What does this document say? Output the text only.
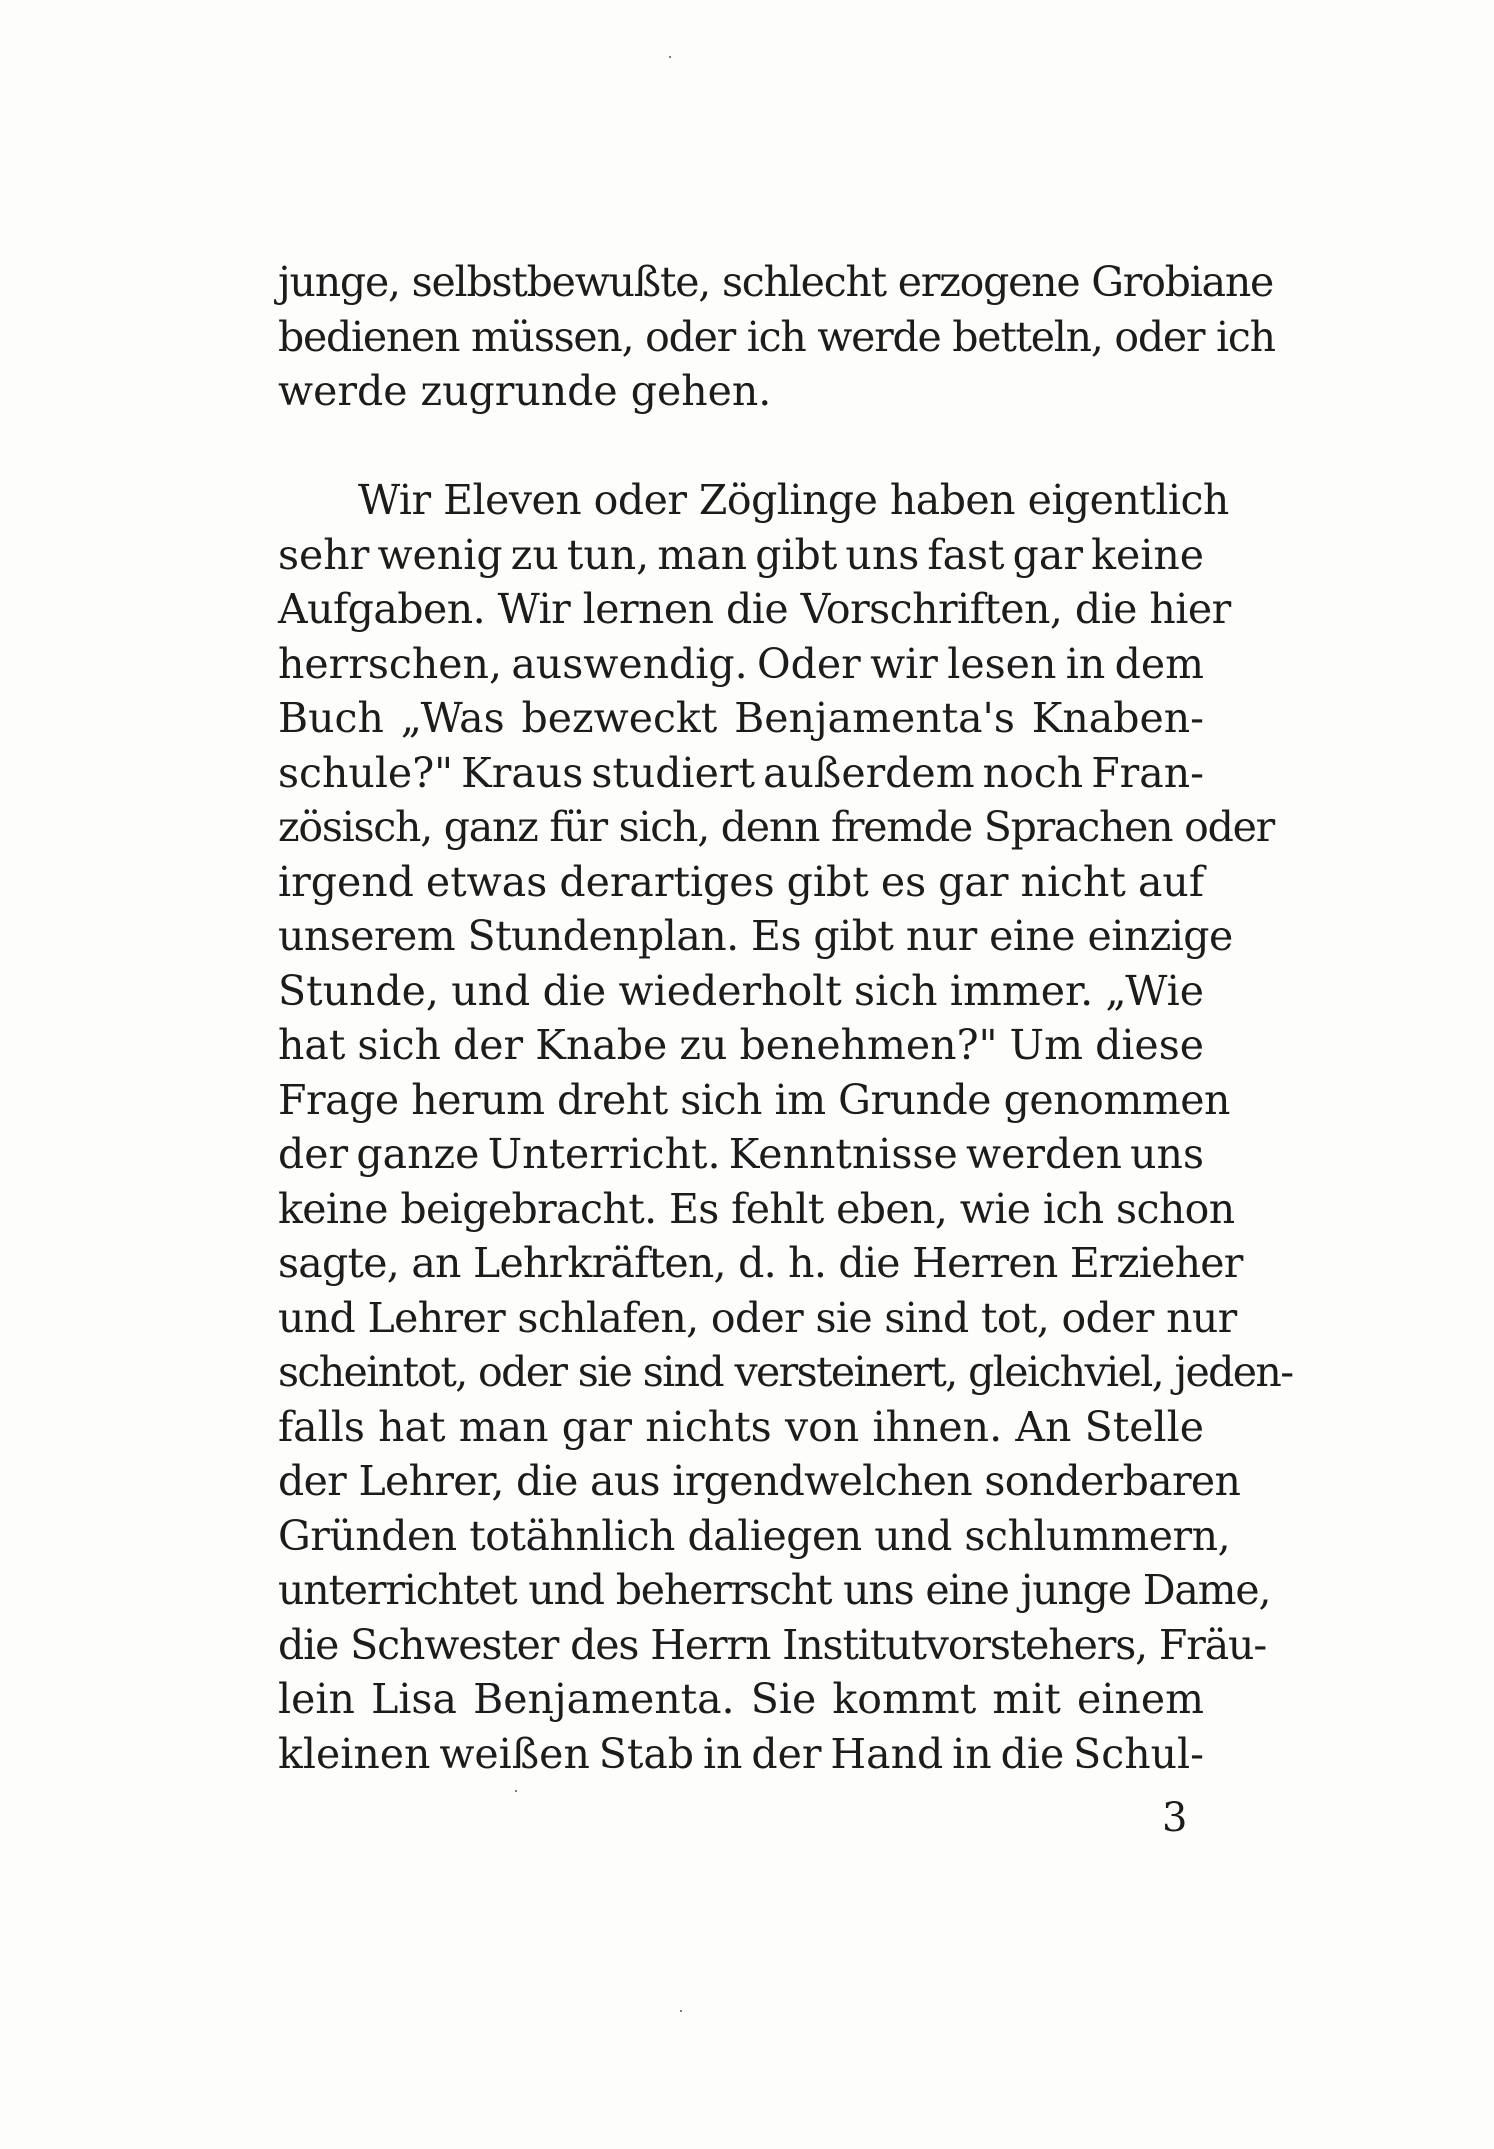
junge, selbstbewußte, schlecht erzogene Grobiane
bedienen müssen, oder ich werde betteln, oder ich
werde zugrunde gehen.
Wir Eleven oder Zöglinge haben eigentlich
sehr wenig zu tun, man gibt uns fast gar keine
Aufgaben. Wir lernen die Vorschriften, die hier
herrschen, auswendig. Oder wir lesen in dem
Buch „Was bezweckt Benjamenta's Knaben-
schule?" Kraus studiert außerdem noch Fran-
zösisch, ganz für sich, denn fremde Sprachen oder
irgend etwas derartiges gibt es gar nicht auf
unserem Stundenplan. Es gibt nur eine einzige
Stunde, und die wiederholt sich immer. „Wie
hat sich der Knabe zu benehmen?" Um diese
Frage herum dreht sich im Grunde genommen
der ganze Unterricht. Kenntnisse werden uns
keine beigebracht. Es fehlt eben, wie ich schon
sagte, an Lehrkräften, d. h. die Herren Erzieher
und Lehrer schlafen, oder sie sind tot, oder nur
scheintot, oder sie sind versteinert, gleichviel, jeden-
falls hat man gar nichts von ihnen. An Stelle
der Lehrer, die aus irgendwelchen sonderbaren
Gründen totähnlich daliegen und schlummern,
unterrichtet und beherrscht uns eine junge Dame,
die Schwester des Herrn Institutvorstehers, Fräu-
lein Lisa Benjamenta. Sie kommt mit einem
kleinen weißen Stab in der Hand in die Schul-
3
